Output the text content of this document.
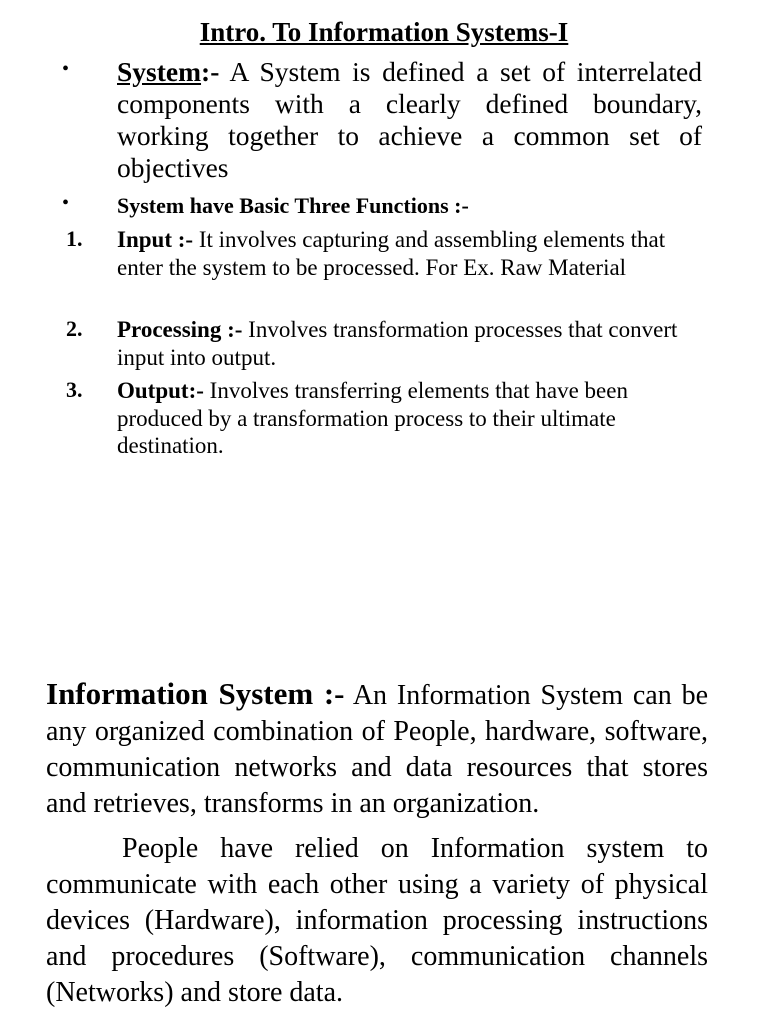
Intro. To Information Systems-I
• System:- A System is defined a set of interrelated components with a clearly defined boundary, working together to achieve a common set of objectives
• System have Basic Three Functions :-
1. Input :- It involves capturing and assembling elements that enter the system to be processed. For Ex. Raw Material
2. Processing :- Involves transformation processes that convert input into output.
3. Output:- Involves transferring elements that have been produced by a transformation process to their ultimate destination.
Information System :- An Information System can be any organized combination of People, hardware, software, communication networks and data resources that stores and retrieves, transforms in an organization.
People have relied on Information system to communicate with each other using a variety of physical devices (Hardware), information processing instructions and procedures (Software), communication channels (Networks) and store data.
